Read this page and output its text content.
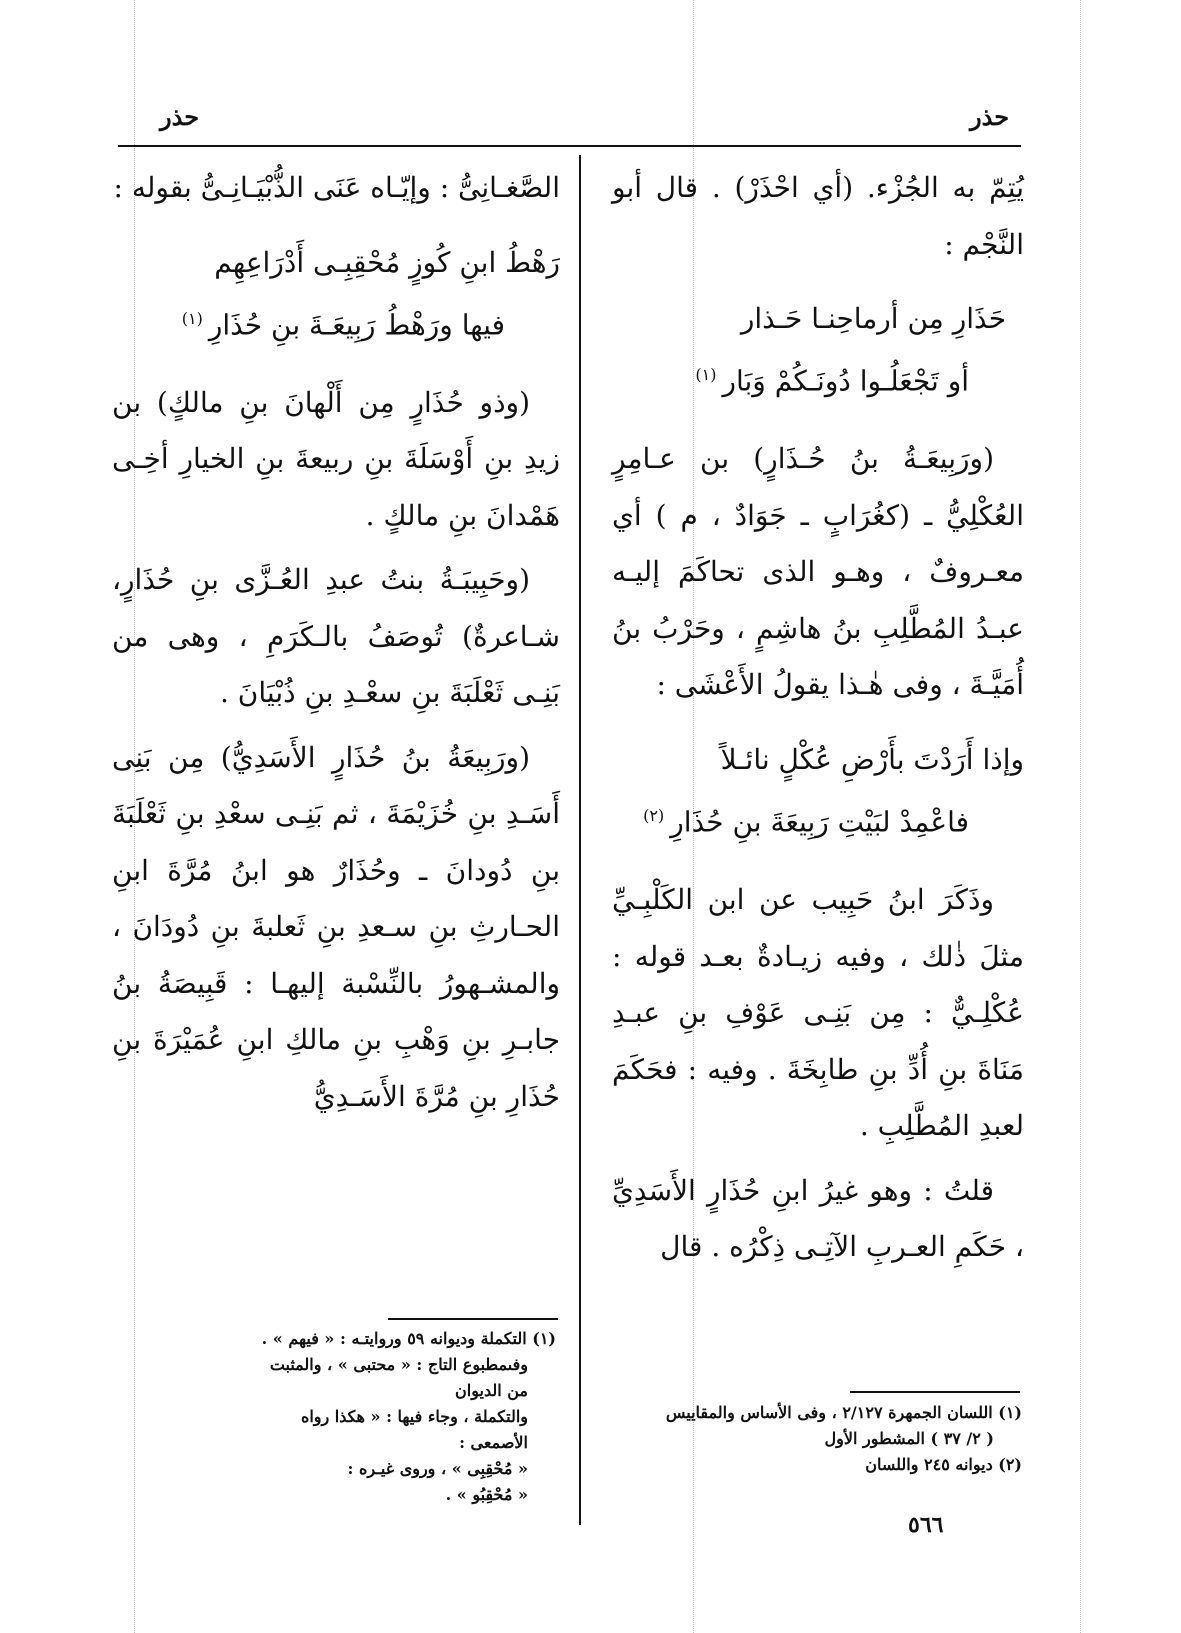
حذر
حذر

يُتِمّ به الجُزْء. (أي احْذَرْ) . قال أبو النَّجْم :

حَذَارِ مِن أرماحِنـا حَـذار
أو تَجْعَلُـوا دُونَـكُمْ وَبَار$^{(١)}$

(ورَبِيعَـةُ بنُ حُـذَارٍ) بن عـامِرٍ العُكْلِيُّ ـ (كغُرَابٍ ـ جَوَادٌ ، م ) أي معـروفٌ ، وهـو الذى تحاكَمَ إليـه عبـدُ المُطَّلِبِ بنُ هاشِمٍ ، وحَرْبُ بنُ أُمَيَّـةَ ، وفى هٰـذا يقولُ الأَعْشَى :

وإذا أَرَدْتَ بأَرْضِ عُكْلٍ نائـلاً
فاعْمِدْ لبَيْتِ رَبِيعَةَ بنِ حُذَارِ$^{(٢)}$

وذَكَرَ ابنُ حَبِيب عن ابن الكَلْبِـيِّ مثلَ ذٰلك ، وفيه زيـادةٌ بعـد قوله : عُكْلِـيٌّ : مِن بَنِـى عَوْفِ بنِ عبـدِ مَنَاةَ بنِ أُدِّ بنِ طابِخَةَ . وفيه : فحَكَمَ لعبدِ المُطَّلِبِ .

قلتُ : وهو غيرُ ابنِ حُذَارٍ الأَسَدِيِّ ، حَكَمِ العـربِ الآتِـى ذِكْرُه . قال

الصَّغـانِىُّ : وإيّـاه عَنَى الذُّبْيَـانِـىُّ بقوله :

رَهْطُ ابنِ كُوزٍ مُحْقِبِـى أَدْرَاعِهِم
فيها ورَهْطُ رَبِيعَـةَ بنِ حُذَارِ$^{(١)}$

(وذو حُذَارٍ مِن أَلْهانَ بنِ مالكٍ) بن زيدِ بنِ أَوْسَلَةَ بنِ ربيعةَ بنِ الخيارِ أخِـى هَمْدانَ بنِ مالكٍ .

(وحَبِيبَـةُ بنتُ عبدِ العُـزَّى بنِ حُذَارٍ، شـاعرةٌ) تُوصَفُ بالـكَرَمِ ، وهى من بَنِـى ثَعْلَبَةَ بنِ سعْـدِ بنِ ذُبْيَانَ .

(ورَبِيعَةُ بنُ حُذَارٍ الأَسَدِيُّ) مِن بَنِى أَسَـدِ بنِ خُزَيْمَةَ ، ثم بَنِـى سعْدِ بنِ ثَعْلَبَةَ بنِ دُودانَ ـ وحُذَارٌ هو ابنُ مُرَّةَ ابنِ الحـارثِ بنِ سـعدِ بنِ ثَعلبةَ بنِ دُودَانَ ، والمشـهورُ بالنِّسْبة إليهـا : قَبِيصَةُ بنُ جابـرِ بنِ وَهْبِ بنِ مالكِ ابنِ عُمَيْرَةَ بنِ حُذَارِ بنِ مُرَّةَ الأَسَـدِيُّ

(١) اللسان الجمهرة ٢/١٢٧ ، وفى الأساس والمقاييس
( ٢/ ٣٧ ) المشطور الأول
(٢) ديوانه ٢٤٥ واللسان
(١) التكملة وديوانه ٥٩ وروايتـه : « فيهم » .
وفىمطبوع التاج : « محتبى » ، والمثبت من الديوان
والتكملة ، وجاء فيها : « هكذا رواه الأصمعى :
« مُحْقِبِى » ، وروى غيـره :
« مُحْقِبُو » .
٥٦٦
